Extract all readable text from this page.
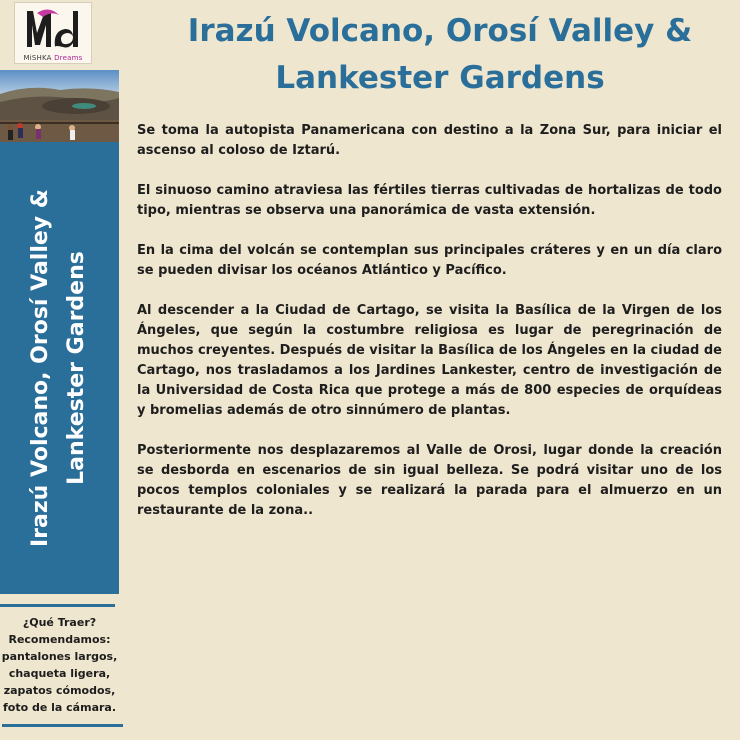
MiSHKA Dreams
Irazú Volcano, Orosí Valley & Lankester Gardens
¿Qué Traer?
Recomendamos:
pantalones largos,
chaqueta ligera,
zapatos cómodos,
foto de la cámara.
Irazú Volcano, Orosí Valley &
Lankester Gardens

Se toma la autopista Panamericana con destino a la Zona Sur, para iniciar el ascenso al coloso de Iztarú.

El sinuoso camino atraviesa las fértiles tierras cultivadas de hortalizas de todo tipo, mientras se observa una panorámica de vasta extensión.

En la cima del volcán se contemplan sus principales cráteres y en un día claro se pueden divisar los océanos Atlántico y Pacífico.

Al descender a la Ciudad de Cartago, se visita la Basílica de la Virgen de los Ángeles, que según la costumbre religiosa es lugar de peregrinación de muchos creyentes. Después de visitar la Basílica de los Ángeles en la ciudad de Cartago, nos trasladamos a los Jardines Lankester, centro de investigación de la Universidad de Costa Rica que protege a más de 800 especies de orquídeas y bromelias además de otro sinnúmero de plantas.

Posteriormente nos desplazaremos al Valle de Orosi, lugar donde la creación se desborda en escenarios de sin igual belleza. Se podrá visitar uno de los pocos templos coloniales y se realizará la parada para el almuerzo en un restaurante de la zona..
